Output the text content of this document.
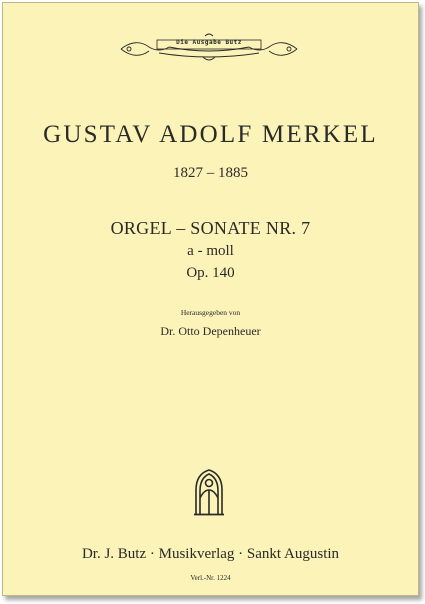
Die Ausgabe Butz
GUSTAV ADOLF MERKEL
1827 – 1885
ORGEL – SONATE NR. 7
a - moll
Op. 140
Herausgegeben von
Dr. Otto Depenheuer
Dr. J. Butz · Musikverlag · Sankt Augustin
Verl.-Nr. 1224
